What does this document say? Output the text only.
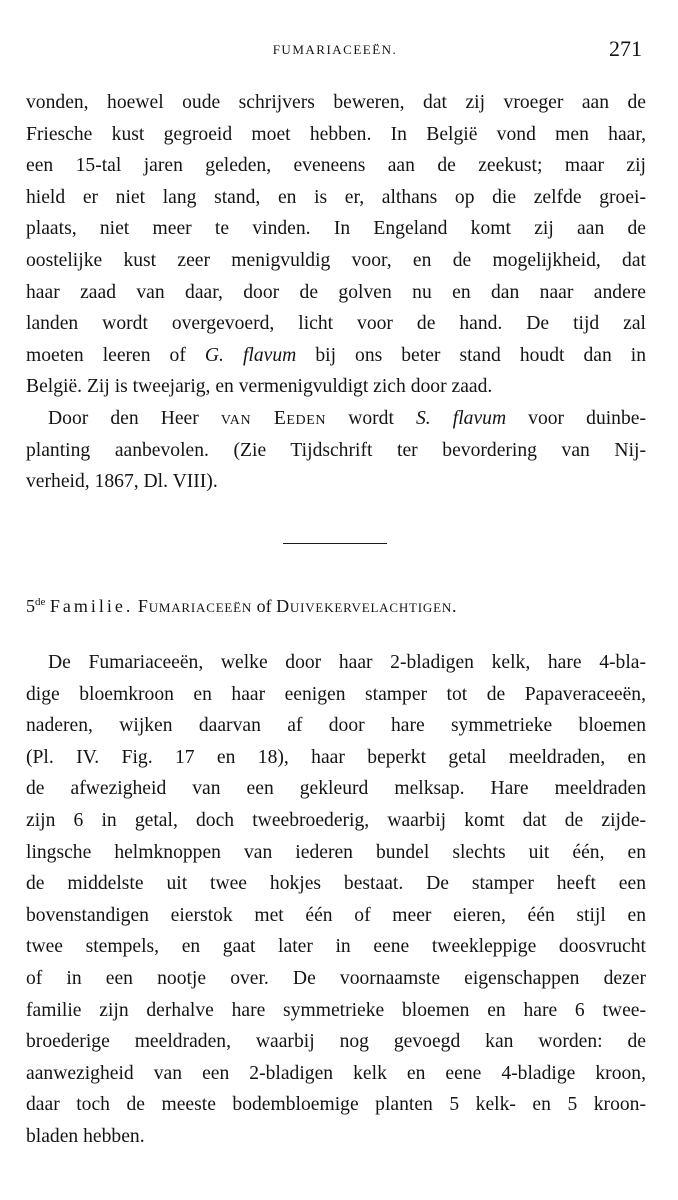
FUMARIACEEËN.	271
vonden, hoewel oude schrijvers beweren, dat zij vroeger aan de
Friesche kust gegroeid moet hebben. In België vond men haar,
een 15-tal jaren geleden, eveneens aan de zeekust; maar zij
hield er niet lang stand, en is er, althans op die zelfde groei-
plaats, niet meer te vinden. In Engeland komt zij aan de
oostelijke kust zeer menigvuldig voor, en de mogelijkheid, dat
haar zaad van daar, door de golven nu en dan naar andere
landen wordt overgevoerd, licht voor de hand. De tijd zal
moeten leeren of G. flavum bij ons beter stand houdt dan in
België. Zij is tweejarig, en vermenigvuldigt zich door zaad.
Door den Heer van Eeden wordt S. flavum voor duinbe-
planting aanbevolen. (Zie Tijdschrift ter bevordering van Nij-
verheid, 1867, Dl. VIII).
5de Familie. Fumariaceeën of Duivekervelachtigen.
De Fumariaceeën, welke door haar 2-bladigen kelk, hare 4-bla-
dige bloemkroon en haar eenigen stamper tot de Papaveraceeën,
naderen, wijken daarvan af door hare symmetrieke bloemen
(Pl. IV. Fig. 17 en 18), haar beperkt getal meeldraden, en
de afwezigheid van een gekleurd melksap. Hare meeldraden
zijn 6 in getal, doch tweebroederig, waarbij komt dat de zijde-
lingsche helmknoppen van iederen bundel slechts uit één, en
de middelste uit twee hokjes bestaat. De stamper heeft een
bovenstandigen eierstok met één of meer eieren, één stijl en
twee stempels, en gaat later in eene tweekleppige doosvrucht
of in een nootje over. De voornaamste eigenschappen dezer
familie zijn derhalve hare symmetrieke bloemen en hare 6 twee-
broederige meeldraden, waarbij nog gevoegd kan worden: de
aanwezigheid van een 2-bladigen kelk en eene 4-bladige kroon,
daar toch de meeste bodembloemige planten 5 kelk- en 5 kroon-
bladen hebben.
